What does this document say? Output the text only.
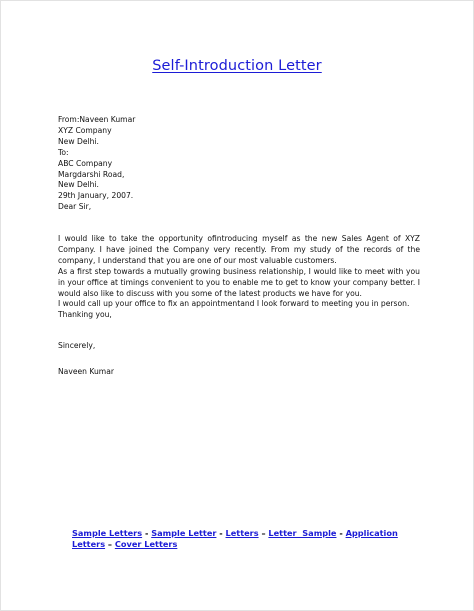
Self-Introduction Letter
From:Naveen Kumar
XYZ Company
New Delhi.
To:
ABC Company
Margdarshi Road,
New Delhi.
29th January, 2007.
Dear Sir,

I would like to take the opportunity ofintroducing myself as the new Sales Agent of XYZ Company. I have joined the Company very recently. From my study of the records of the company, I understand that you are one of our most valuable customers.

As a first step towards a mutually growing business relationship, I would like to meet with you in your office at timings convenient to you to enable me to get to know your company better. I would also like to discuss with you some of the latest products we have for you.

I would call up your office to fix an appointmentand I look forward to meeting you in person.

Thanking you,

Sincerely,
Naveen Kumar
Sample Letters - Sample Letter - Letters – Letter  Sample - Application Letters – Cover Letters
